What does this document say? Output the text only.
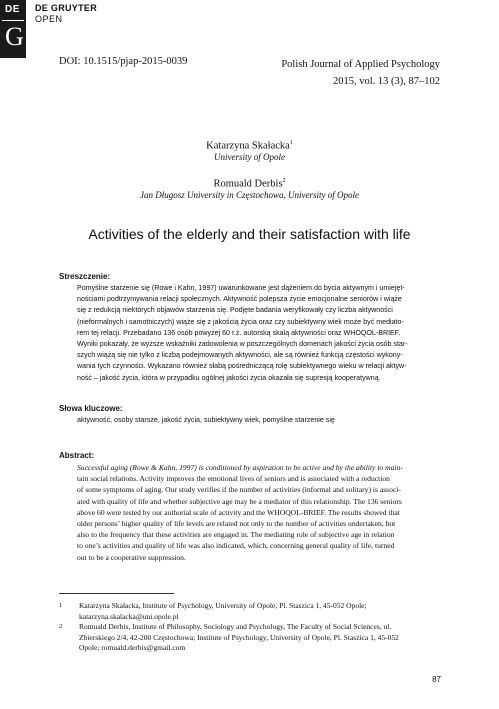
DE
G
DE GRUYTER
OPEN
DOI: 10.1515/pjap-2015-0039	Polish Journal of Applied Psychology
2015, vol. 13 (3), 87–102
Katarzyna Skałacka$^1$
University of Opole
Romuald Derbis$^2$
Jan Długosz University in Częstochowa, University of Opole
Activities of the elderly and their satisfaction with life
Streszczenie:
Pomyślne starzenie się (Rowe i Kahn, 1997) uwarunkowane jest dążeniem do bycia aktywnym i umiejęt-
nościami podtrzymywania relacji społecznych. Aktywność polepsza życie emocjonalne seniorów i wiąże
się z redukcją niektórych objawów starzenia się. Podjęte badania weryfikowały czy liczba aktywności
(nieformalnych i samotniczych) wiąże się z jakością życia oraz czy subiektywny wiek może być mediato-
rem tej relacji. Przebadano 136 osób powyżej 60 r.ż. autorską skalą aktywności oraz WHOQOL-BRIEF.
Wyniki pokazały, że wyższe wskaźniki zadowolenia w poszczególnych domenach jakości życia osób star-
szych wiążą się nie tylko z liczbą podejmowanych aktywności, ale są również funkcją częstości wykony-
wania tych czynności. Wykazano również słabą pośredniczącą rolę subiektywnego wieku w relacji aktyw-
ność – jakość życia, która w przypadku ogólnej jakości życia okazała się supresją kooperatywną.
Słowa kluczowe:
aktywność, osoby starsze, jakość życia, subiektywny wiek, pomyślne starzenie się
Abstract:
Successful aging (Rowe & Kahn, 1997) is conditioned by aspiration to be active and by the ability to main-
tain social relations. Activity improves the emotional lives of seniors and is associated with a reduction
of some symptoms of aging. Our study verifies if the number of activities (informal and solitary) is associ-
ated with quality of life and whether subjective age may be a mediator of this relationship. The 136 seniors
above 60 were tested by our authorial scale of activity and the WHOQOL-BRIEF. The results showed that
older persons’ higher quality of life levels are related not only to the number of activities undertaken, but
also to the frequency that these activities are engaged in. The mediating role of subjective age in relation
to one’s activities and quality of life was also indicated, which, concerning general quality of life, turned
out to be a cooperative suppression.
1 Katarzyna Skałacka, Institute of Psychology, University of Opole, Pl. Staszica 1, 45-052 Opole;
katarzyna.skalacka@uni.opole.pl
2 Romuald Derbis, Institute of Philosophy, Sociology and Psychology, The Faculty of Social Sciences, ul.
Zbierskiego 2/4, 42-200 Częstochowa; Institute of Psychology, University of Opole, Pl. Staszica 1, 45-052
Opole; romuald.derbis@gmail.com
87
